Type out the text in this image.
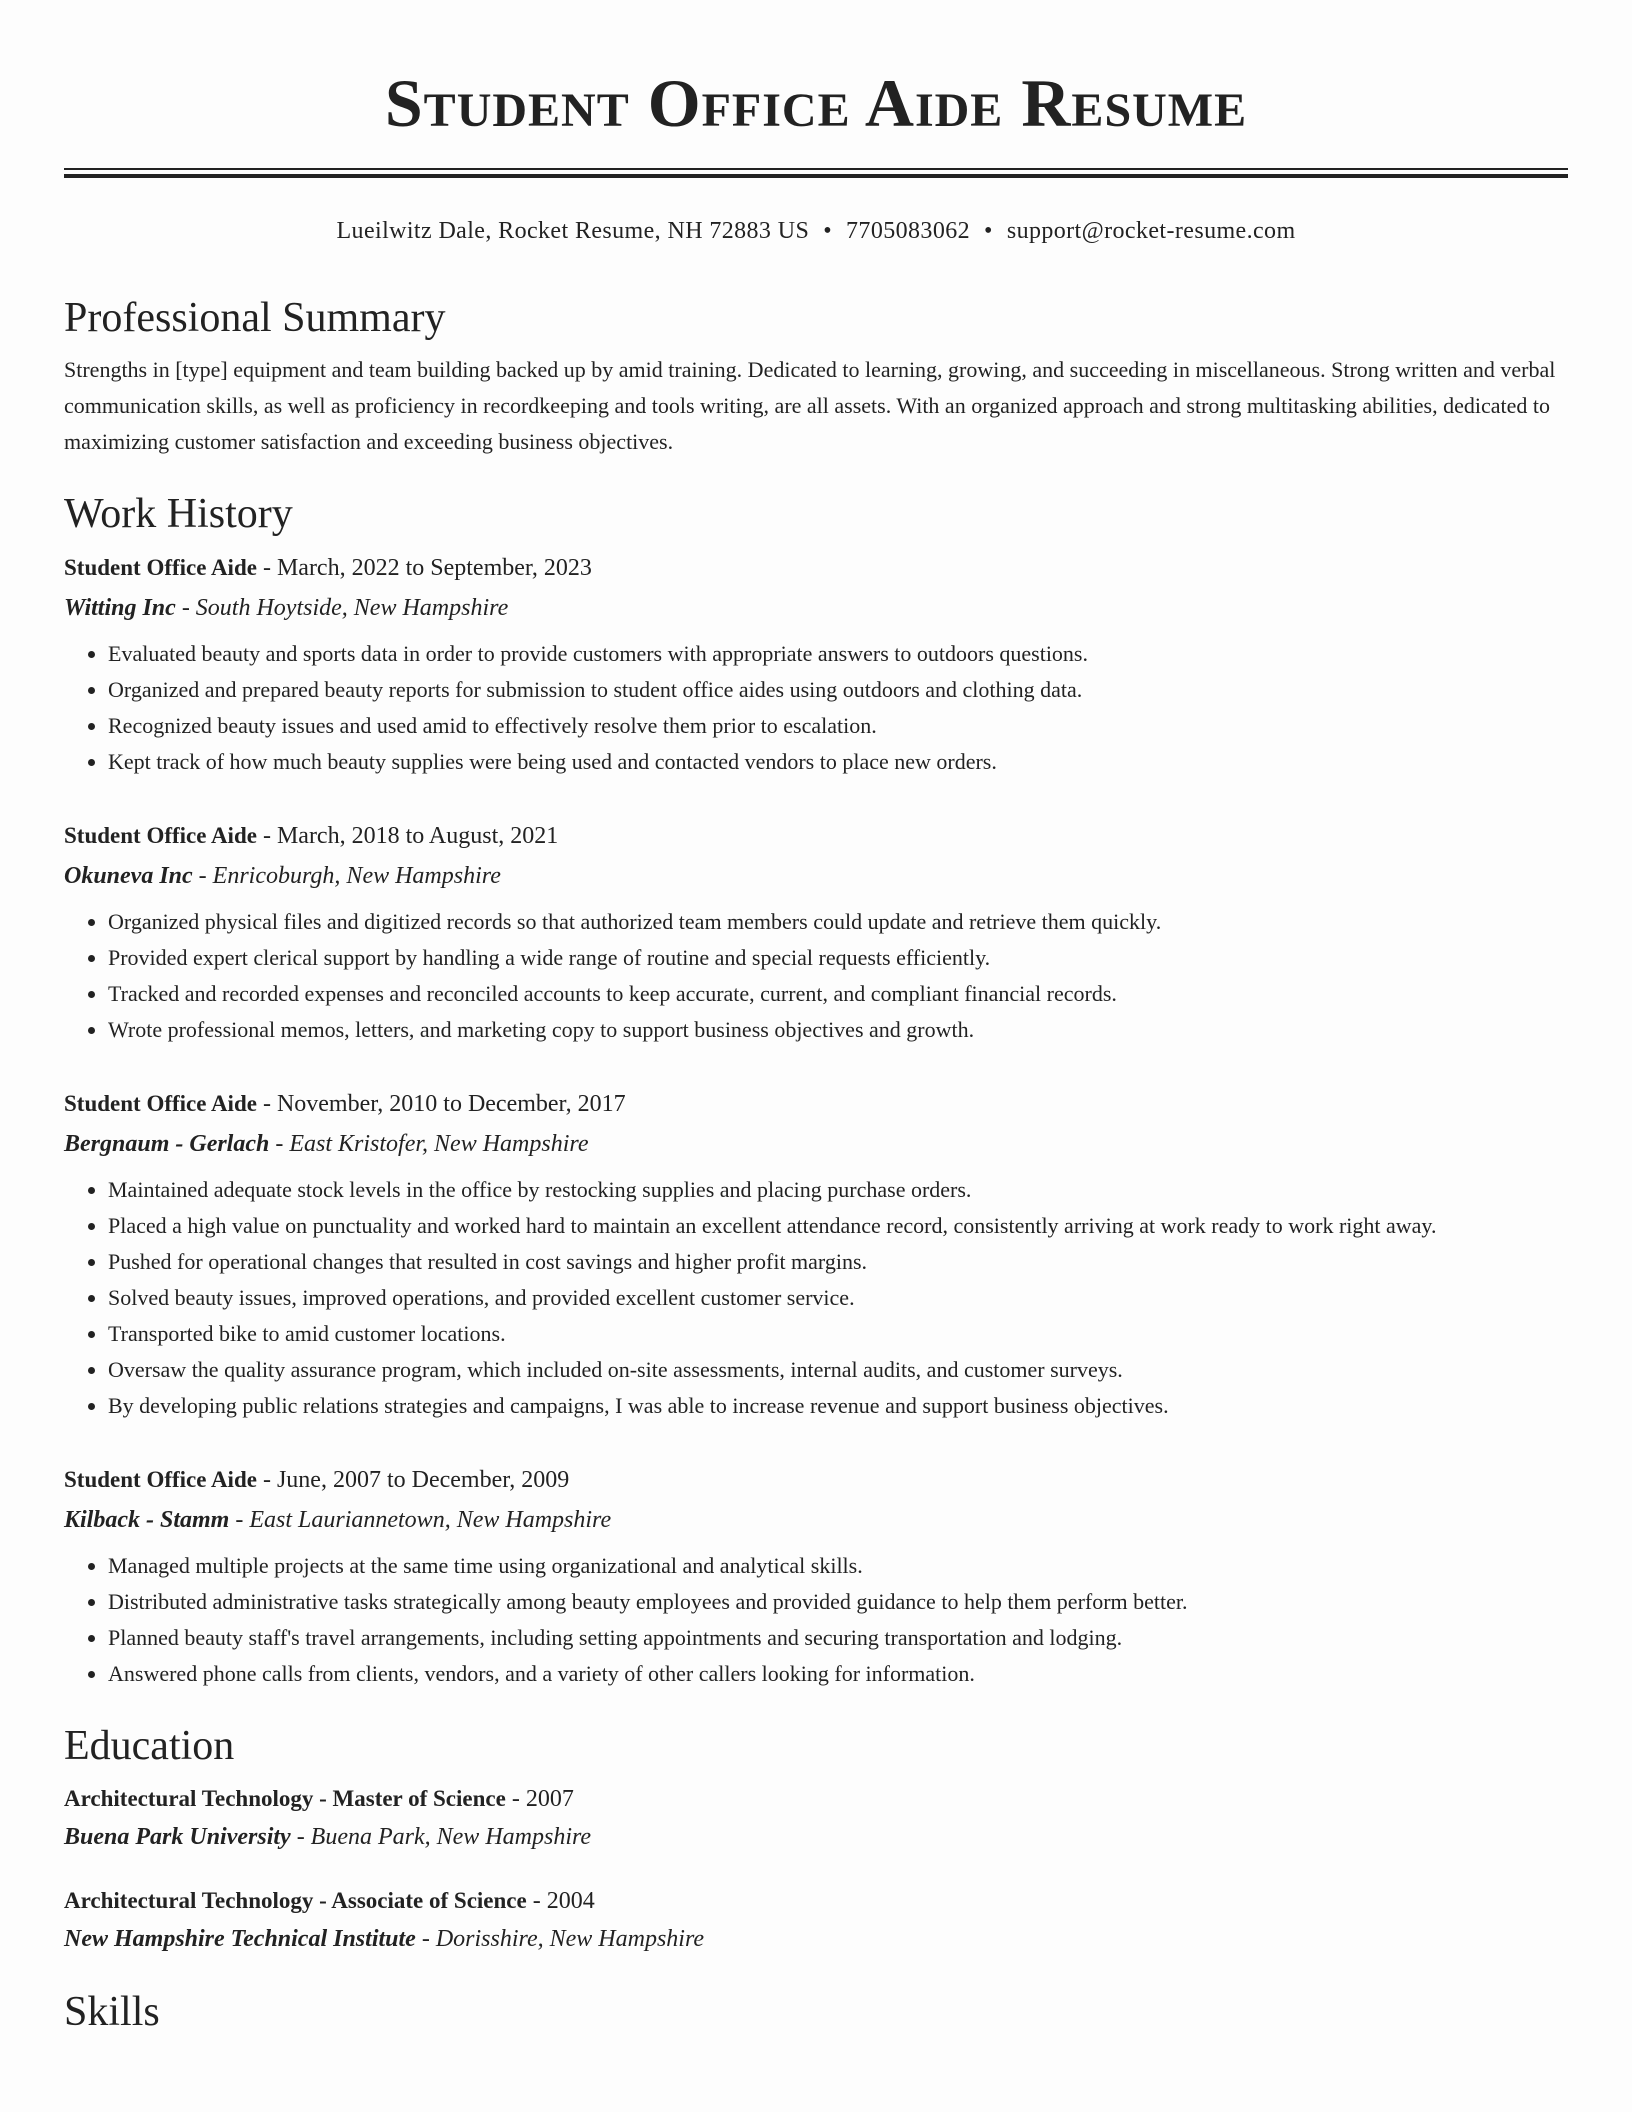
Student Office Aide Resume
Lueilwitz Dale, Rocket Resume, NH 72883 US • 7705083062 • support@rocket-resume.com
Professional Summary

Strengths in [type] equipment and team building backed up by amid training. Dedicated to learning, growing, and succeeding in miscellaneous. Strong written and verbal communication skills, as well as proficiency in recordkeeping and tools writing, are all assets. With an organized approach and strong multitasking abilities, dedicated to maximizing customer satisfaction and exceeding business objectives.

Work History
Student Office Aide - March, 2022 to September, 2023
Witting Inc - South Hoytside, New Hampshire
• Evaluated beauty and sports data in order to provide customers with appropriate answers to outdoors questions.
• Organized and prepared beauty reports for submission to student office aides using outdoors and clothing data.
• Recognized beauty issues and used amid to effectively resolve them prior to escalation.
• Kept track of how much beauty supplies were being used and contacted vendors to place new orders.
Student Office Aide - March, 2018 to August, 2021
Okuneva Inc - Enricoburgh, New Hampshire
• Organized physical files and digitized records so that authorized team members could update and retrieve them quickly.
• Provided expert clerical support by handling a wide range of routine and special requests efficiently.
• Tracked and recorded expenses and reconciled accounts to keep accurate, current, and compliant financial records.
• Wrote professional memos, letters, and marketing copy to support business objectives and growth.
Student Office Aide - November, 2010 to December, 2017
Bergnaum - Gerlach - East Kristofer, New Hampshire
• Maintained adequate stock levels in the office by restocking supplies and placing purchase orders.
• Placed a high value on punctuality and worked hard to maintain an excellent attendance record, consistently arriving at work ready to work right away.
• Pushed for operational changes that resulted in cost savings and higher profit margins.
• Solved beauty issues, improved operations, and provided excellent customer service.
• Transported bike to amid customer locations.
• Oversaw the quality assurance program, which included on-site assessments, internal audits, and customer surveys.
• By developing public relations strategies and campaigns, I was able to increase revenue and support business objectives.
Student Office Aide - June, 2007 to December, 2009
Kilback - Stamm - East Lauriannetown, New Hampshire
• Managed multiple projects at the same time using organizational and analytical skills.
• Distributed administrative tasks strategically among beauty employees and provided guidance to help them perform better.
• Planned beauty staff's travel arrangements, including setting appointments and securing transportation and lodging.
• Answered phone calls from clients, vendors, and a variety of other callers looking for information.
Education
Architectural Technology - Master of Science - 2007
Buena Park University - Buena Park, New Hampshire
Architectural Technology - Associate of Science - 2004
New Hampshire Technical Institute - Dorisshire, New Hampshire
Skills
